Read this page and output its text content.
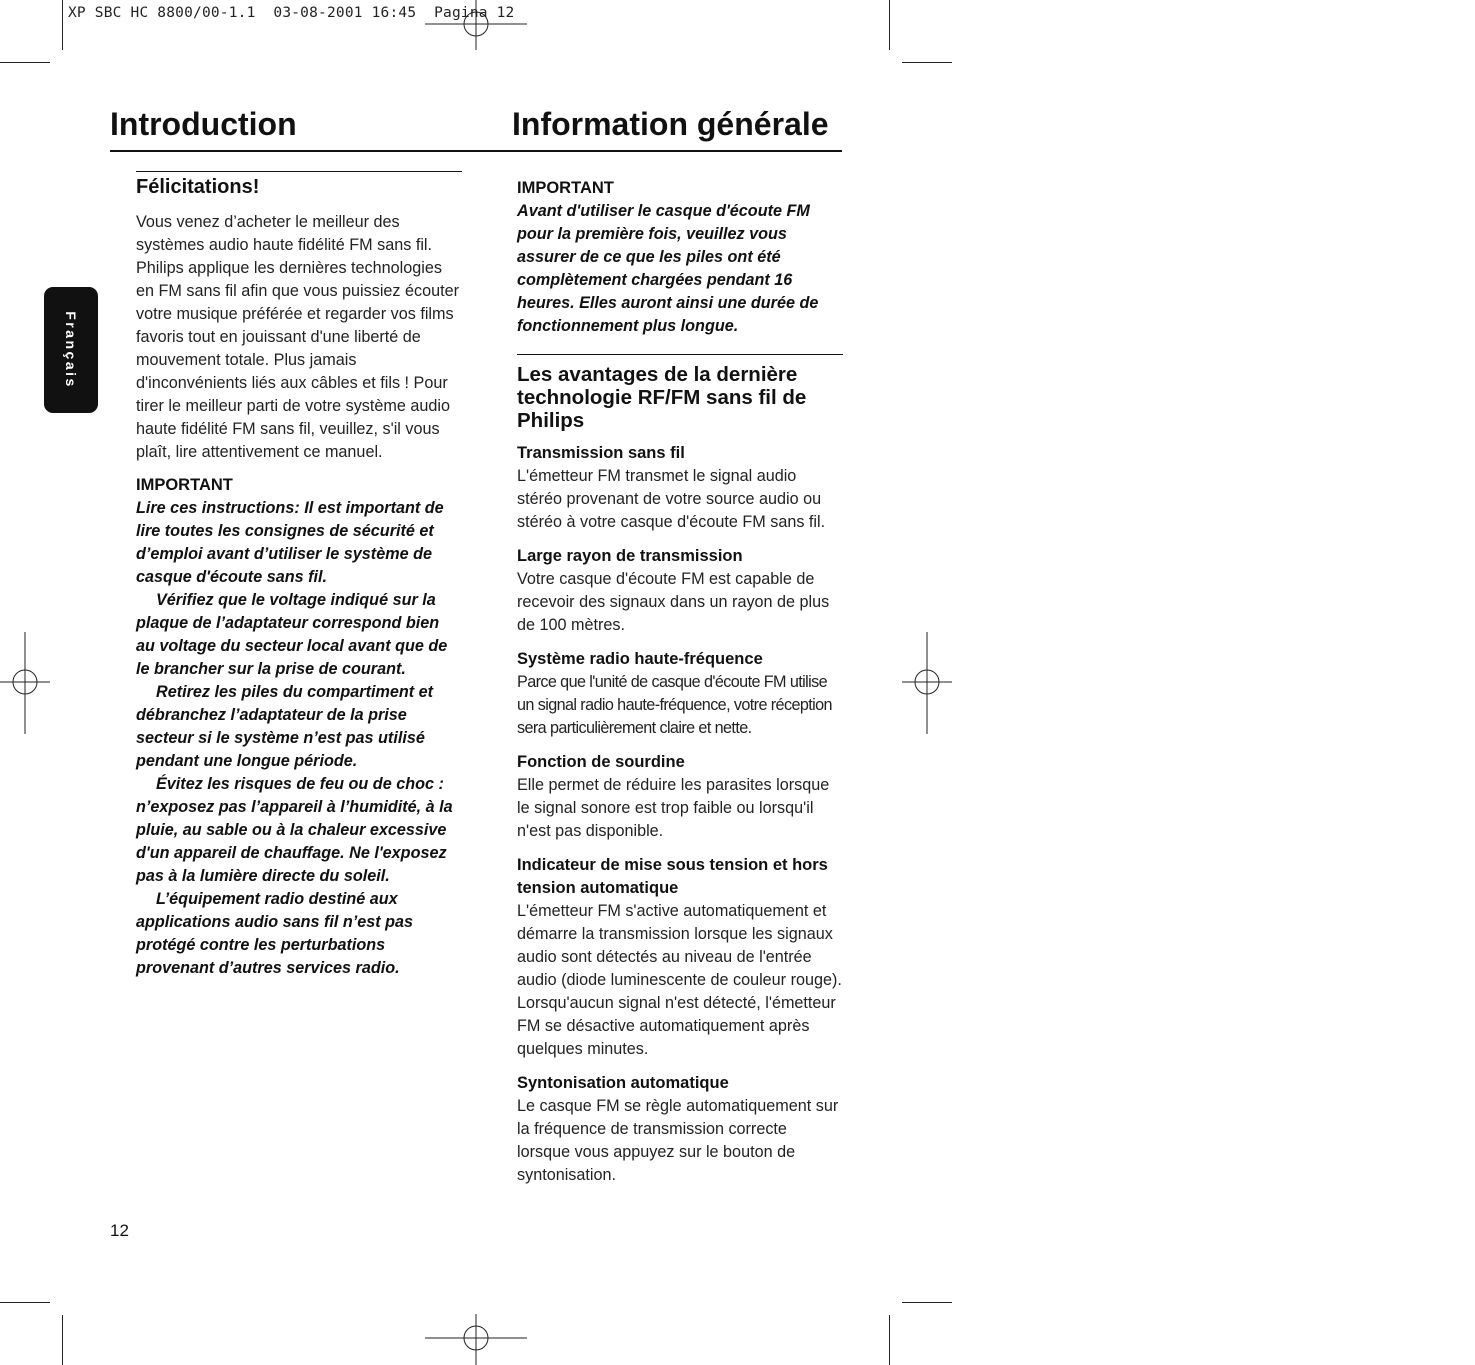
XP SBC HC 8800/00-1.1  03-08-2001 16:45  Pagina 12
Introduction	Information générale
Français
Félicitations!

Vous venez d’acheter le meilleur des systèmes audio haute fidélité FM sans fil. Philips applique les dernières technologies en FM sans fil afin que vous puissiez écouter votre musique préférée et regarder vos films favoris tout en jouissant d'une liberté de mouvement totale. Plus jamais d'inconvénients liés aux câbles et fils ! Pour tirer le meilleur parti de votre système audio haute fidélité FM sans fil, veuillez, s'il vous plaît, lire attentivement ce manuel.

IMPORTANT
Lire ces instructions: Il est important de lire toutes les consignes de sécurité et d’emploi avant d’utiliser le système de casque d'écoute sans fil.
Vérifiez que le voltage indiqué sur la plaque de l’adaptateur correspond bien au voltage du secteur local avant que de le brancher sur la prise de courant.
Retirez les piles du compartiment et débranchez l’adaptateur de la prise secteur si le système n’est pas utilisé pendant une longue période.
Évitez les risques de feu ou de choc : n’exposez pas l’appareil à l’humidité, à la pluie, au sable ou à la chaleur excessive d'un appareil de chauffage. Ne l'exposez pas à la lumière directe du soleil.
L’équipement radio destiné aux applications audio sans fil n’est pas protégé contre les perturbations provenant d’autres services radio.
IMPORTANT

Avant d'utiliser le casque d'écoute FM pour la première fois, veuillez vous assurer de ce que les piles ont été complètement chargées pendant 16 heures. Elles auront ainsi une durée de fonctionnement plus longue.

Les avantages de la dernière technologie RF/FM sans fil de Philips
Transmission sans fil

L'émetteur FM transmet le signal audio stéréo provenant de votre source audio ou stéréo à votre casque d'écoute FM sans fil.

Large rayon de transmission

Votre casque d'écoute FM est capable de recevoir des signaux dans un rayon de plus de 100 mètres.

Système radio haute-fréquence

Parce que l'unité de casque d'écoute FM utilise un signal radio haute-fréquence, votre réception sera particulièrement claire et nette.

Fonction de sourdine

Elle permet de réduire les parasites lorsque le signal sonore est trop faible ou lorsqu'il n'est pas disponible.

Indicateur de mise sous tension et hors tension automatique

L'émetteur FM s'active automatiquement et démarre la transmission lorsque les signaux audio sont détectés au niveau de l'entrée audio (diode luminescente de couleur rouge). Lorsqu'aucun signal n'est détecté, l'émetteur FM se désactive automatiquement après quelques minutes.

Syntonisation automatique

Le casque FM se règle automatiquement sur la fréquence de transmission correcte lorsque vous appuyez sur le bouton de syntonisation.

12
